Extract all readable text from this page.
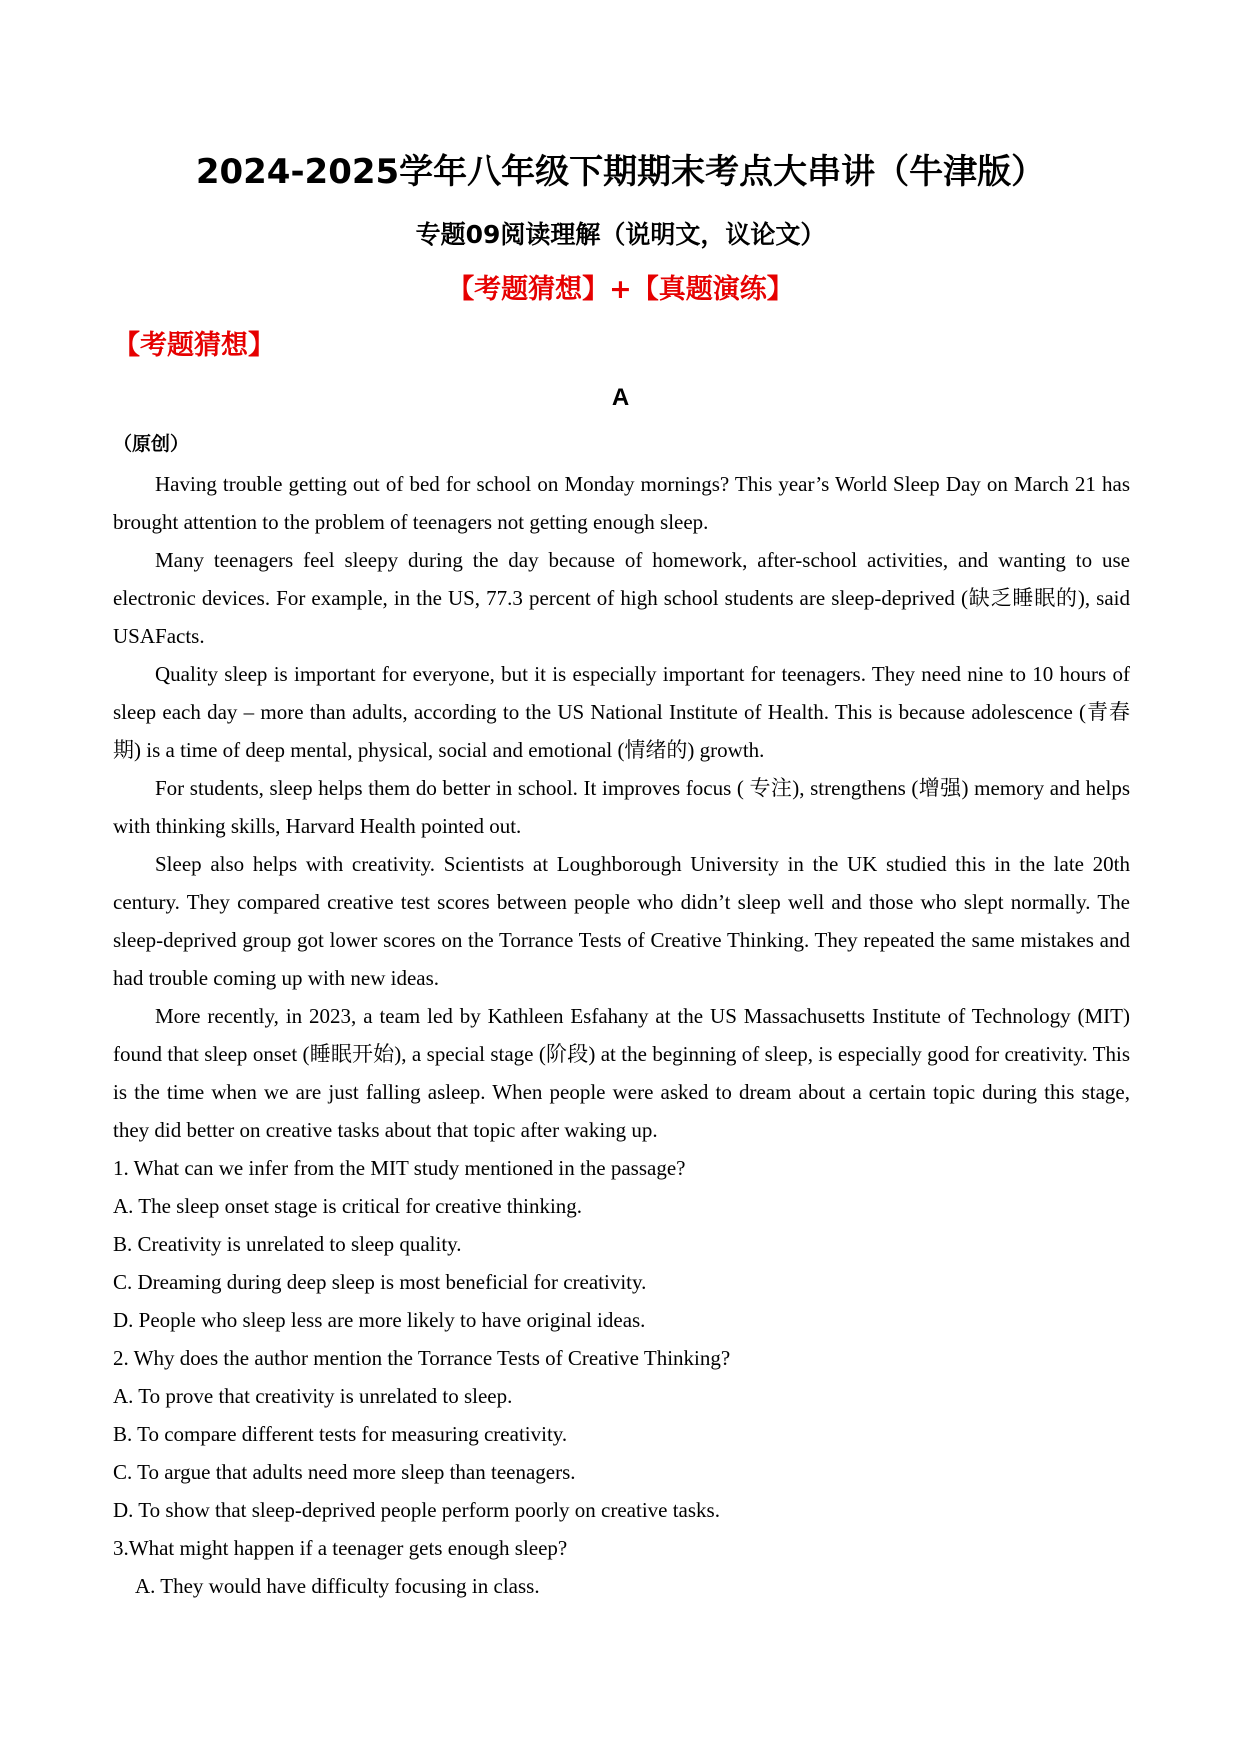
2024-2025学年八年级下期期末考点大串讲（牛津版）
专题09阅读理解（说明文，议论文）
【考题猜想】+【真题演练】
【考题猜想】
A
（原创）

Having trouble getting out of bed for school on Monday mornings? This year’s World Sleep Day on March 21 has brought attention to the problem of teenagers not getting enough sleep.

Many teenagers feel sleepy during the day because of homework, after-school activities, and wanting to use electronic devices. For example, in the US, 77.3 percent of high school students are sleep-deprived (缺乏睡眠的), said USAFacts.

Quality sleep is important for everyone, but it is especially important for teenagers. They need nine to 10 hours of sleep each day – more than adults, according to the US National Institute of Health. This is because adolescence (青春期) is a time of deep mental, physical, social and emotional (情绪的) growth.

For students, sleep helps them do better in school. It improves focus ( 专注), strengthens (增强) memory and helps with thinking skills, Harvard Health pointed out.

Sleep also helps with creativity. Scientists at Loughborough University in the UK studied this in the late 20th century. They compared creative test scores between people who didn’t sleep well and those who slept normally. The sleep-deprived group got lower scores on the Torrance Tests of Creative Thinking. They repeated the same mistakes and had trouble coming up with new ideas.

More recently, in 2023, a team led by Kathleen Esfahany at the US Massachusetts Institute of Technology (MIT) found that sleep onset (睡眠开始), a special stage (阶段) at the beginning of sleep, is especially good for creativity. This is the time when we are just falling asleep. When people were asked to dream about a certain topic during this stage, they did better on creative tasks about that topic after waking up.

1. What can we infer from the MIT study mentioned in the passage?

A. The sleep onset stage is critical for creative thinking.

B. Creativity is unrelated to sleep quality.

C. Dreaming during deep sleep is most beneficial for creativity.

D. People who sleep less are more likely to have original ideas.

2. Why does the author mention the Torrance Tests of Creative Thinking?

A. To prove that creativity is unrelated to sleep.

B. To compare different tests for measuring creativity.

C. To argue that adults need more sleep than teenagers.

D. To show that sleep-deprived people perform poorly on creative tasks.

3.What might happen if a teenager gets enough sleep?

A. They would have difficulty focusing in class.
